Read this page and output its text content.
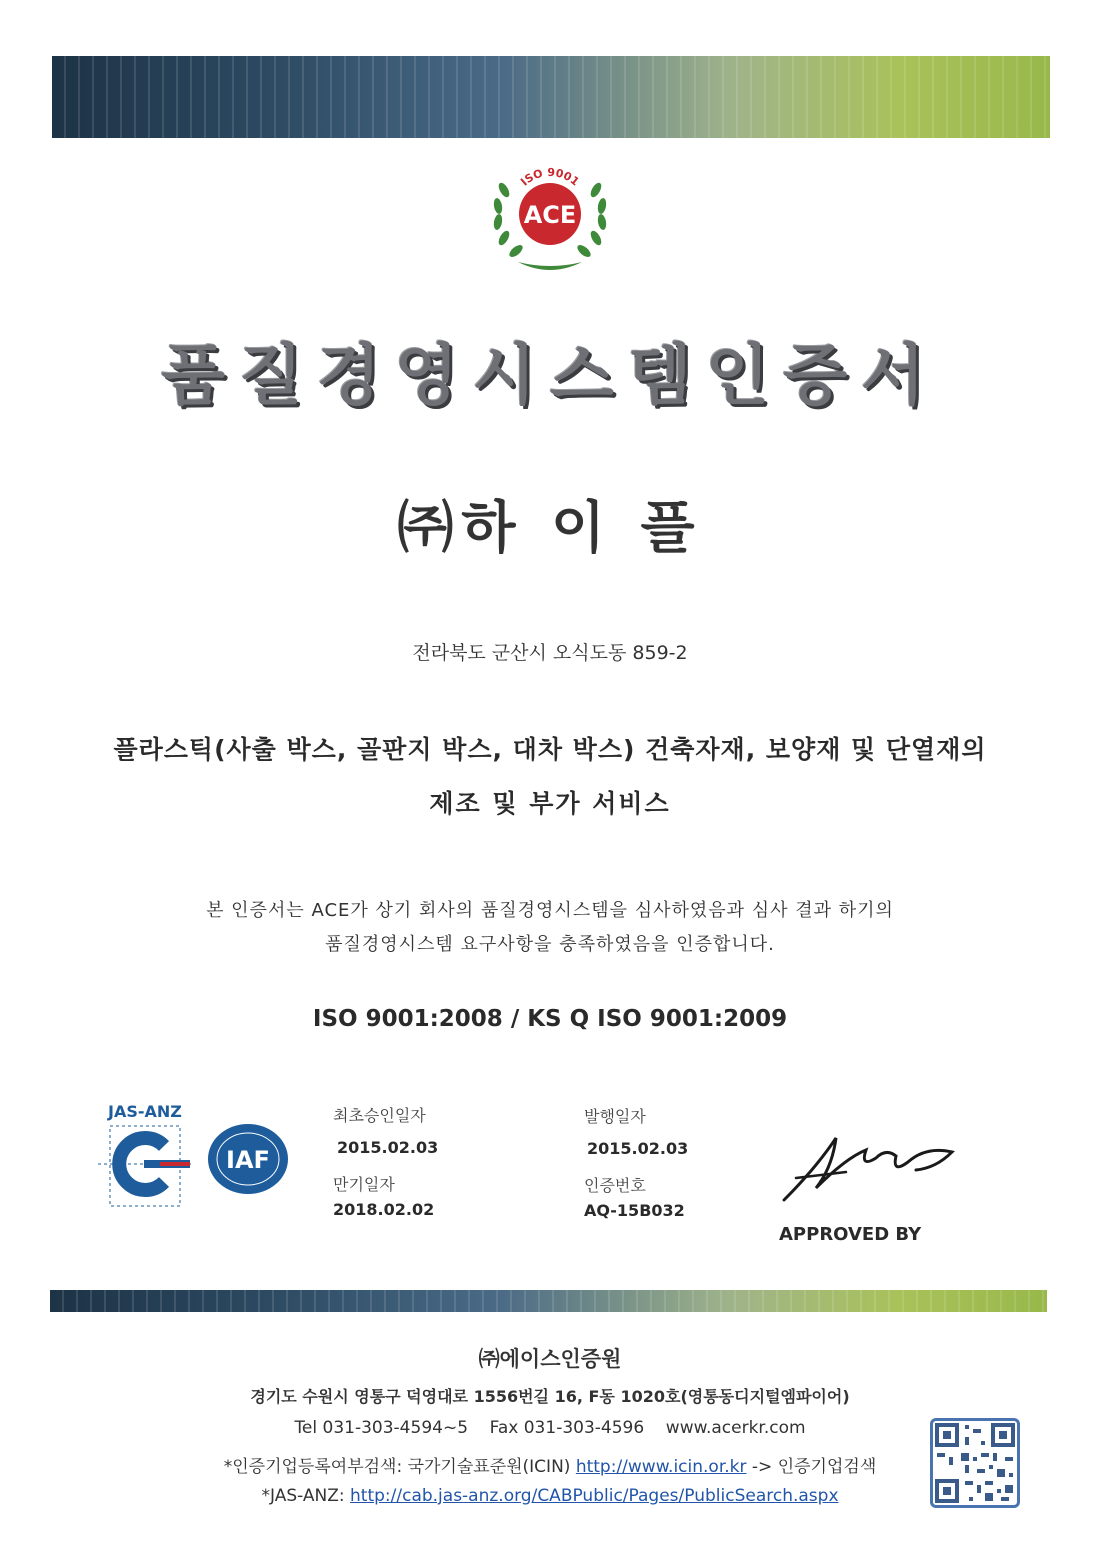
ISO 9001
ACE
품질경영시스템인증서
㈜하 이 플
전라북도 군산시 오식도동 859-2
플라스틱(사출 박스, 골판지 박스, 대차 박스) 건축자재, 보양재 및 단열재의
제조 및 부가 서비스
본 인증서는 ACE가 상기 회사의 품질경영시스템을 심사하였음과 심사 결과 하기의
품질경영시스템 요구사항을 충족하였음을 인증합니다.
ISO 9001:2008 / KS Q ISO 9001:2009
JAS-ANZ
IAF
최초승인일자
2015.02.03
만기일자
2018.02.02
발행일자
2015.02.03
인증번호
AQ-15B032
APPROVED BY
㈜에이스인증원
경기도 수원시 영통구 덕영대로 1556번길 16, F동 1020호(영통동디지털엠파이어)
Tel 031-303-4594~5 Fax 031-303-4596 www.acerkr.com
*인증기업등록여부검색: 국가기술표준원(ICIN) http://www.icin.or.kr -> 인증기업검색
*JAS-ANZ: http://cab.jas-anz.org/CABPublic/Pages/PublicSearch.aspx
